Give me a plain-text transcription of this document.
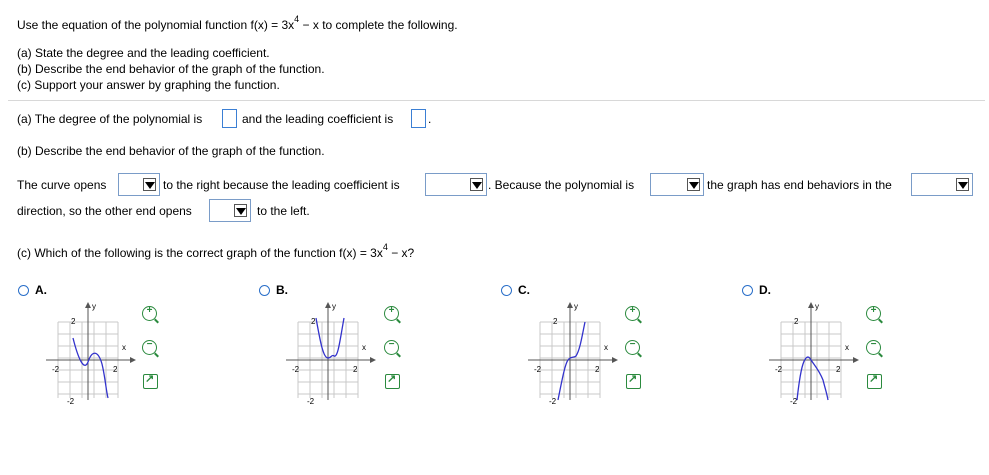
Use the equation of the polynomial function $f(x) = 3x^4 - x$ to complete the following.
(a) State the degree and the leading coefficient.
(b) Describe the end behavior of the graph of the function.
(c) Support your answer by graphing the function.
(a) The degree of the polynomial is	and the leading coefficient is	.
(b) Describe the end behavior of the graph of the function.
The curve opens	to the right because the leading coefficient is	. Because the polynomial is	the graph has end behaviors in the
direction, so the other end opens	to the left.
(c) Which of the following is the correct graph of the function $f(x) = 3x^4 - x$?
A.
y
x
2
-2
-2	2
+
−
↗
B.
y
x
2
-2
-2	2
+
−
↗
C.
y
x
2
-2
-2	2
+
−
↗
D.
y
x
2
-2
-2	2
+
−
↗
